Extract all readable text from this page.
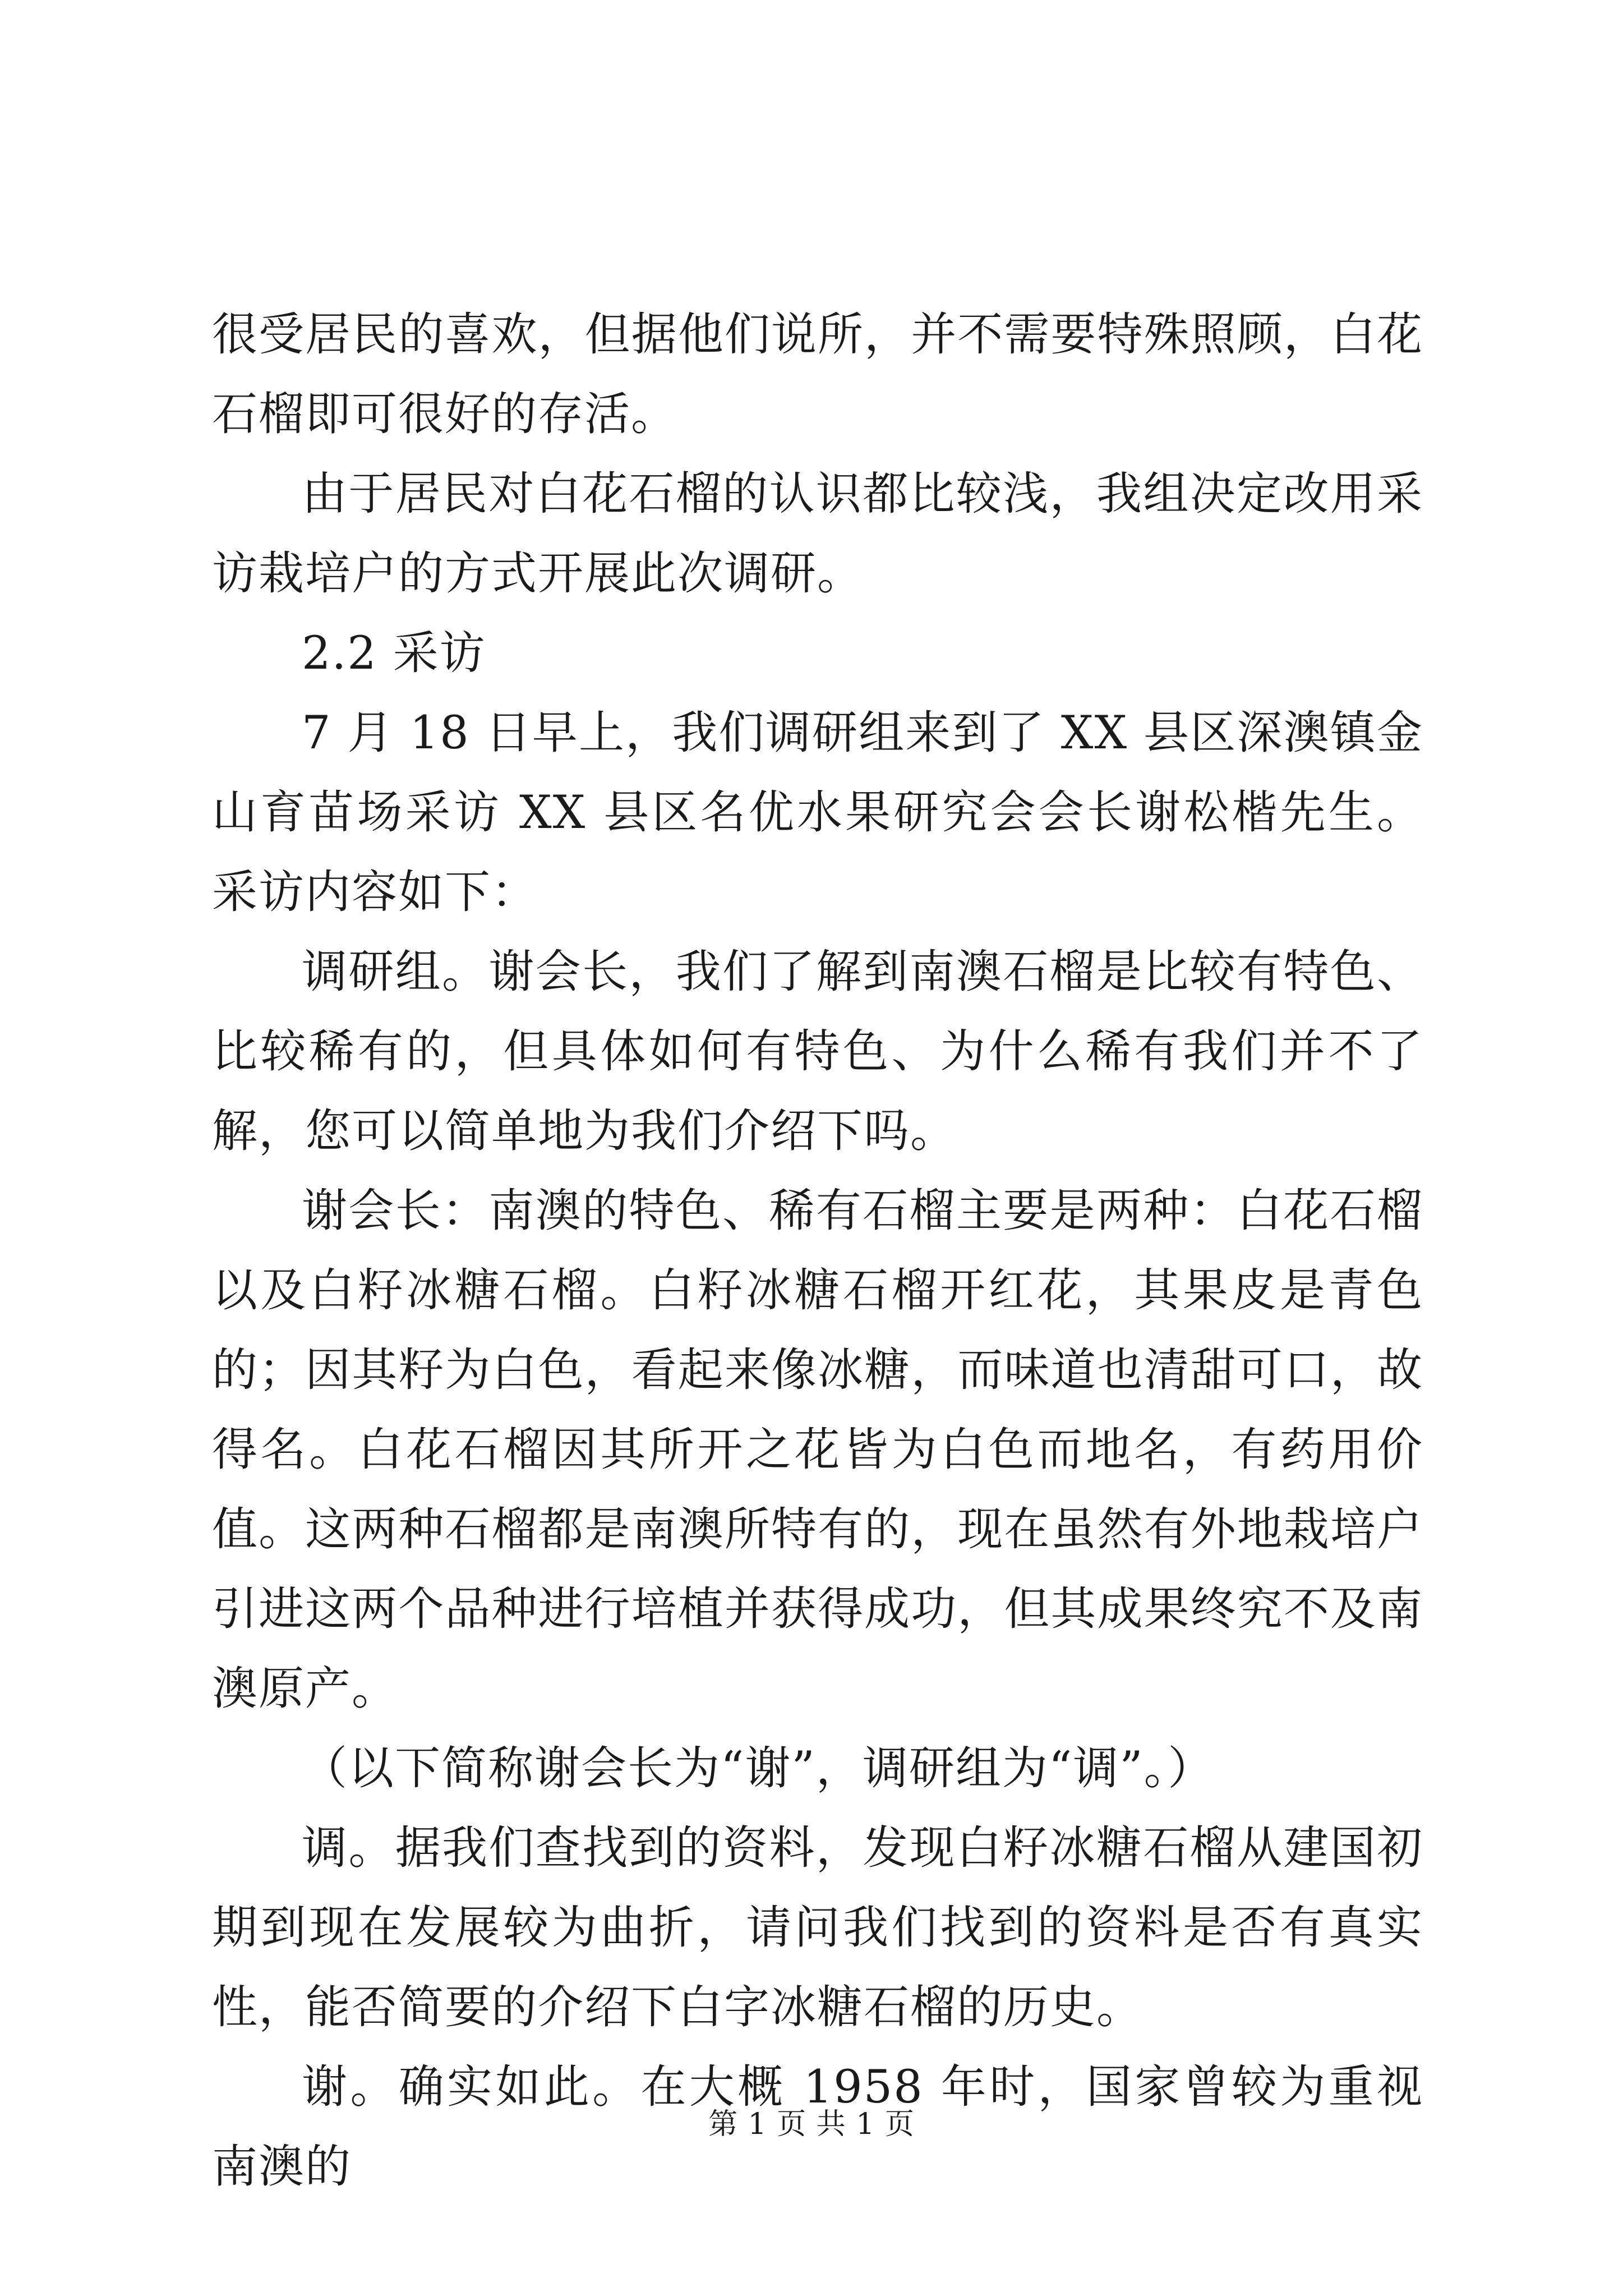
很受居民的喜欢，但据他们说所，并不需要特殊照顾，白花石榴即可很好的存活。

由于居民对白花石榴的认识都比较浅，我组决定改用采访栽培户的方式开展此次调研。

2.2 采访

7 月 18 日早上，我们调研组来到了 XX 县区深澳镇金山育苗场采访 XX 县区名优水果研究会会长谢松楷先生。采访内容如下：

调研组。谢会长，我们了解到南澳石榴是比较有特色、比较稀有的，但具体如何有特色、为什么稀有我们并不了解，您可以简单地为我们介绍下吗。

谢会长：南澳的特色、稀有石榴主要是两种：白花石榴以及白籽冰糖石榴。白籽冰糖石榴开红花，其果皮是青色的；因其籽为白色，看起来像冰糖，而味道也清甜可口，故得名。白花石榴因其所开之花皆为白色而地名，有药用价值。这两种石榴都是南澳所特有的，现在虽然有外地栽培户引进这两个品种进行培植并获得成功，但其成果终究不及南澳原产。

（以下简称谢会长为“谢”，调研组为“调”。）

调。据我们查找到的资料，发现白籽冰糖石榴从建国初期到现在发展较为曲折，请问我们找到的资料是否有真实性，能否简要的介绍下白字冰糖石榴的历史。

谢。确实如此。在大概 1958 年时，国家曾较为重视南澳的

第 1 页 共 1 页
